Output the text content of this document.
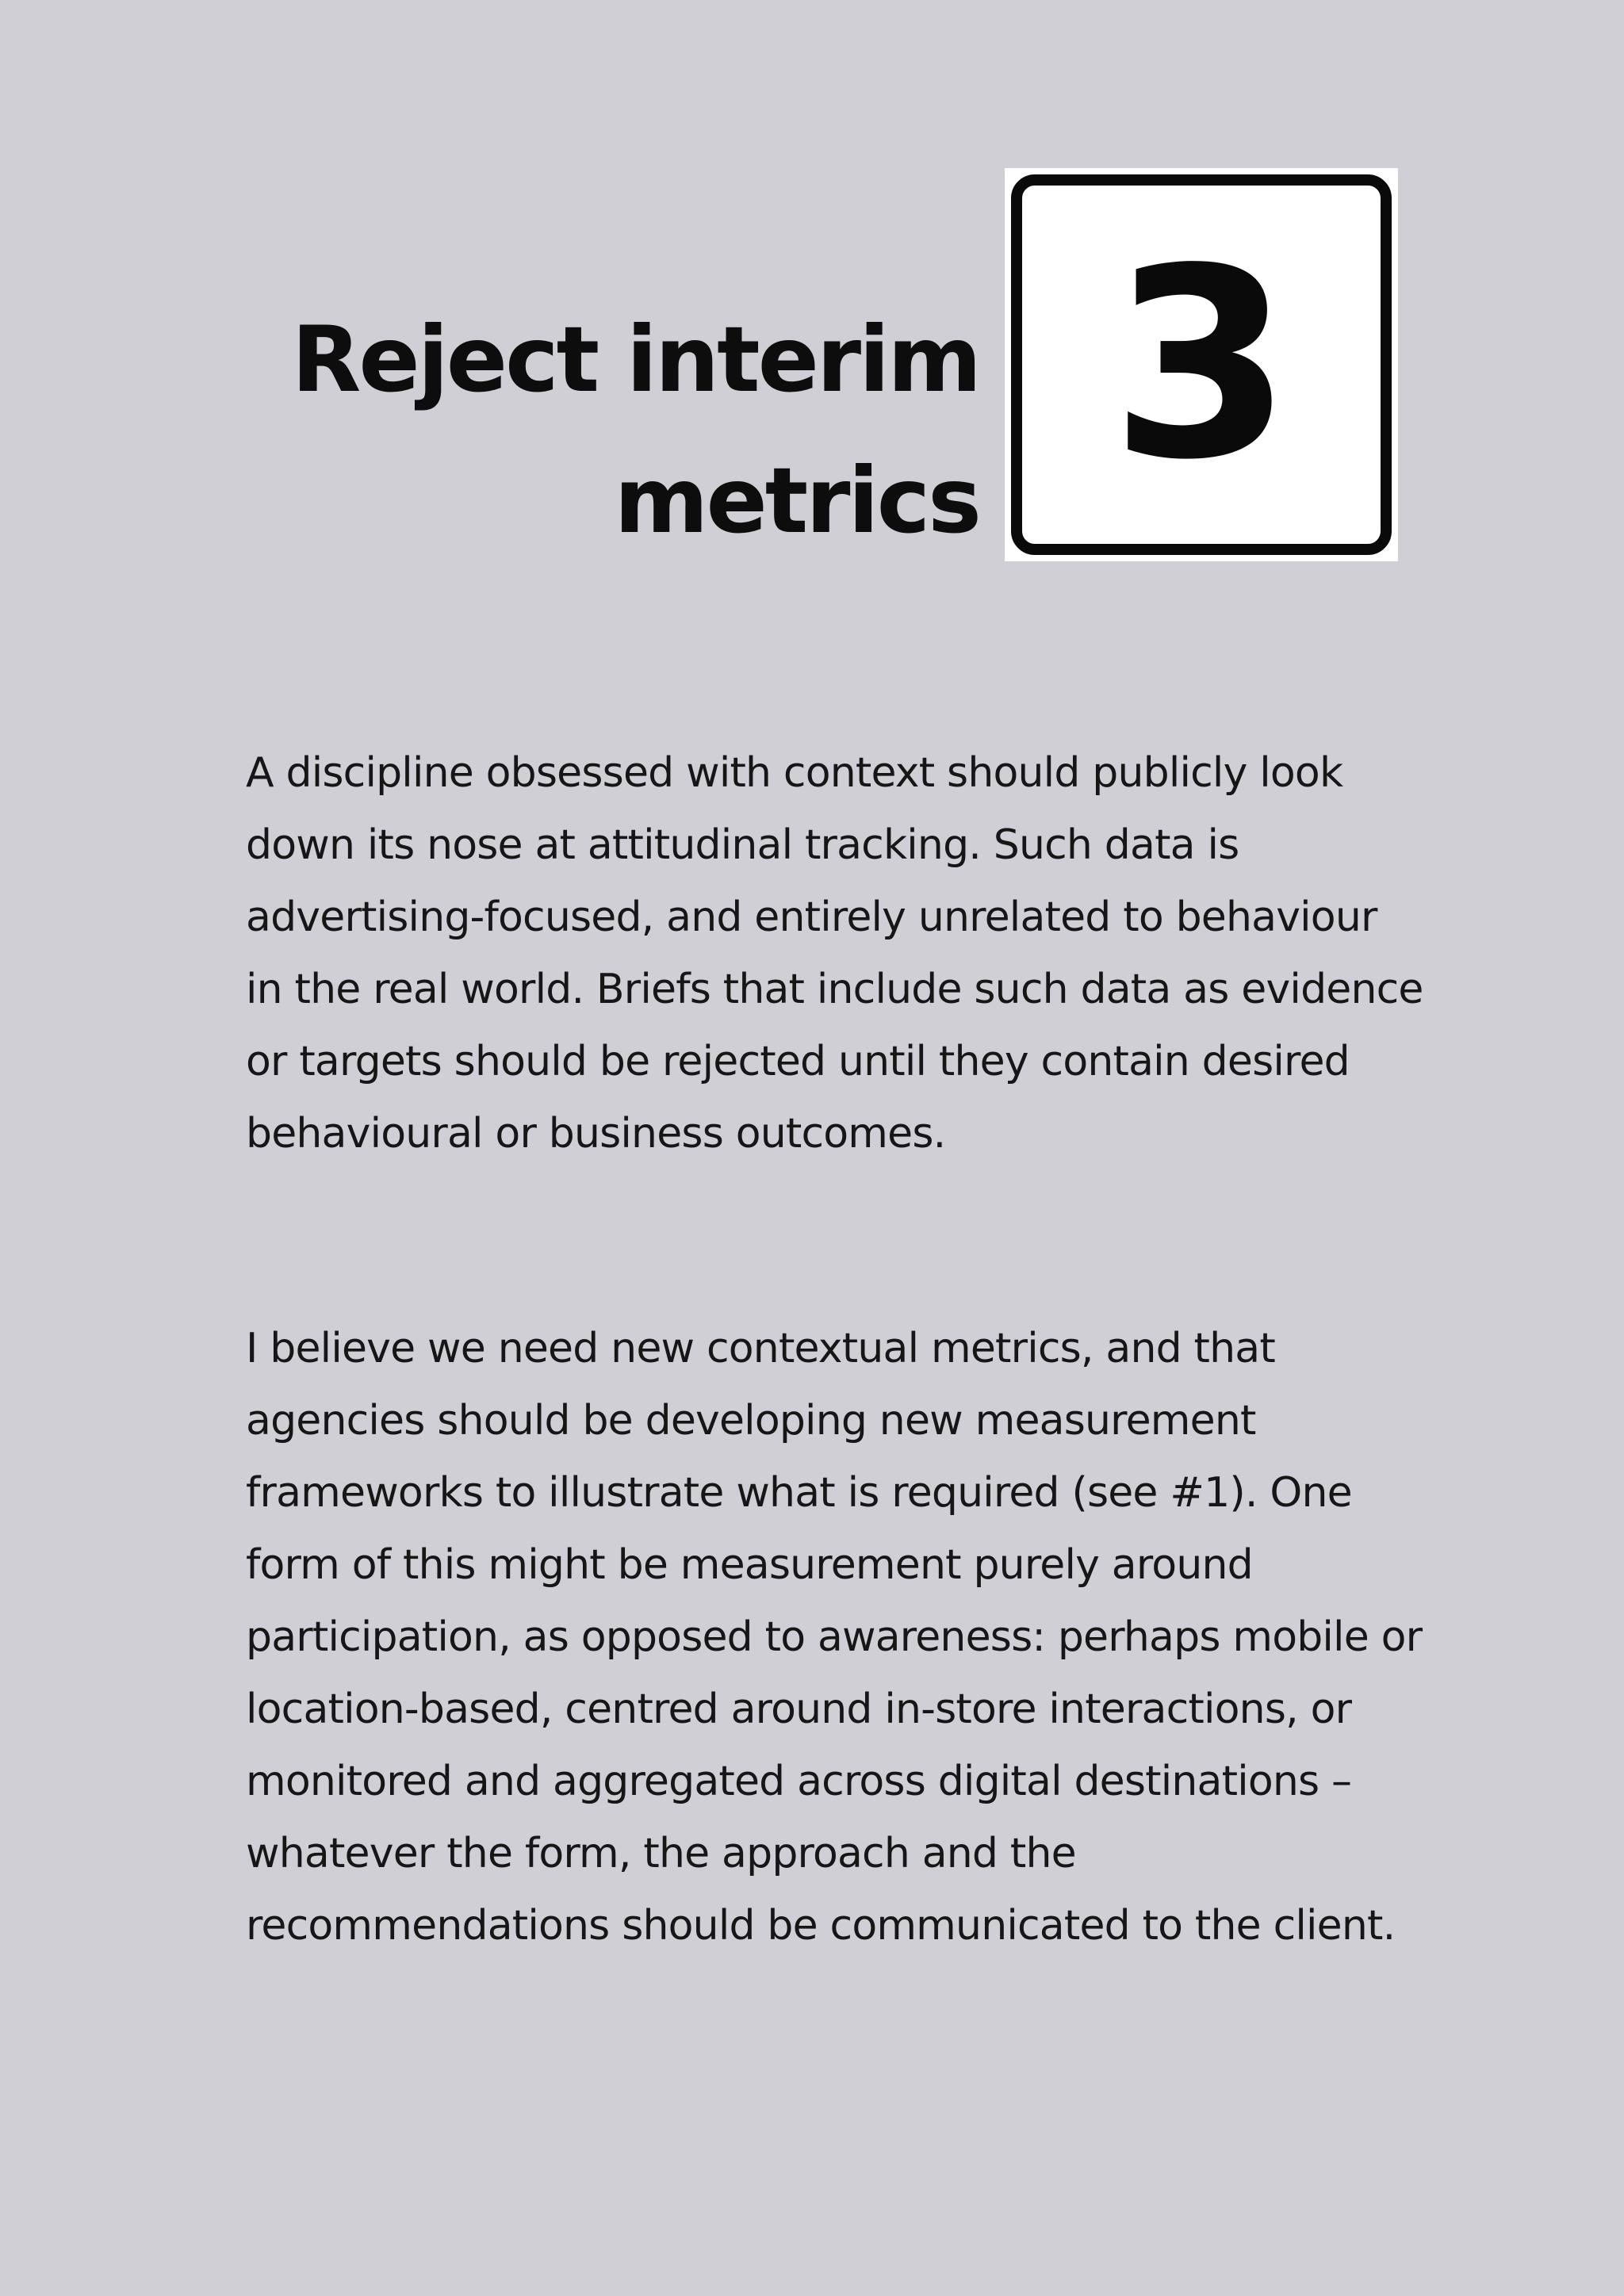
Reject interim
metrics 3

A discipline obsessed with context should publicly look
down its nose at attitudinal tracking. Such data is
advertising-focused, and entirely unrelated to behaviour
in the real world. Briefs that include such data as evidence
or targets should be rejected until they contain desired
behavioural or business outcomes.

I believe we need new contextual metrics, and that
agencies should be developing new measurement
frameworks to illustrate what is required (see #1). One
form of this might be measurement purely around
participation, as opposed to awareness: perhaps mobile or
location-based, centred around in-store interactions, or
monitored and aggregated across digital destinations –
whatever the form, the approach and the
recommendations should be communicated to the client.
